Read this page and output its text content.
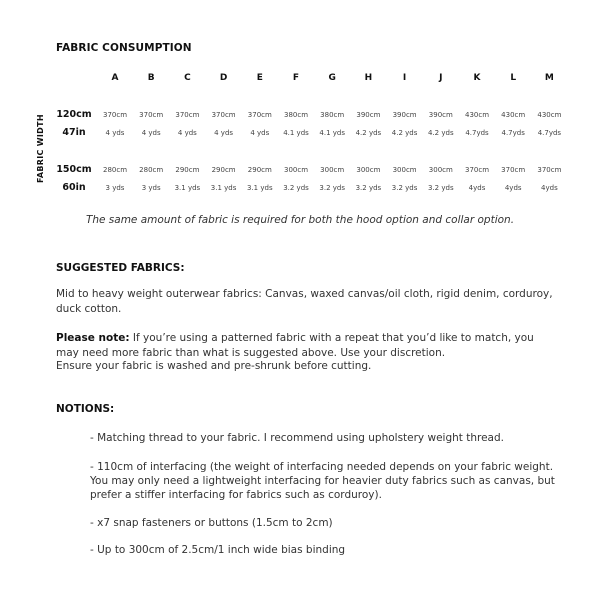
FABRIC CONSUMPTION
FABRIC WIDTH
A	B	C	D	E	F	G	H	I	J	K	L	M
120cm	370cm	370cm	370cm	370cm	370cm	380cm	380cm	390cm	390cm	390cm	430cm	430cm	430cm
47in	4 yds	4 yds	4 yds	4 yds	4 yds	4.1 yds	4.1 yds	4.2 yds	4.2 yds	4.2 yds	4.7yds	4.7yds	4.7yds
150cm	280cm	280cm	290cm	290cm	290cm	300cm	300cm	300cm	300cm	300cm	370cm	370cm	370cm
60in	3 yds	3 yds	3.1 yds	3.1 yds	3.1 yds	3.2 yds	3.2 yds	3.2 yds	3.2 yds	3.2 yds	4yds	4yds	4yds
The same amount of fabric is required for both the hood option and collar option.
SUGGESTED FABRICS:
Mid to heavy weight outerwear fabrics: Canvas, waxed canvas/oil cloth, rigid denim, corduroy, duck cotton.
Please note: If you’re using a patterned fabric with a repeat that you’d like to match, you may need more fabric than what is suggested above. Use your discretion.
Ensure your fabric is washed and pre-shrunk before cutting.
NOTIONS:
- Matching thread to your fabric. I recommend using upholstery weight thread.
- 110cm of interfacing (the weight of interfacing needed depends on your fabric weight. You may only need a lightweight interfacing for heavier duty fabrics such as canvas, but prefer a stiffer interfacing for fabrics such as corduroy).
- x7 snap fasteners or buttons (1.5cm to 2cm)
- Up to 300cm of 2.5cm/1 inch wide bias binding
